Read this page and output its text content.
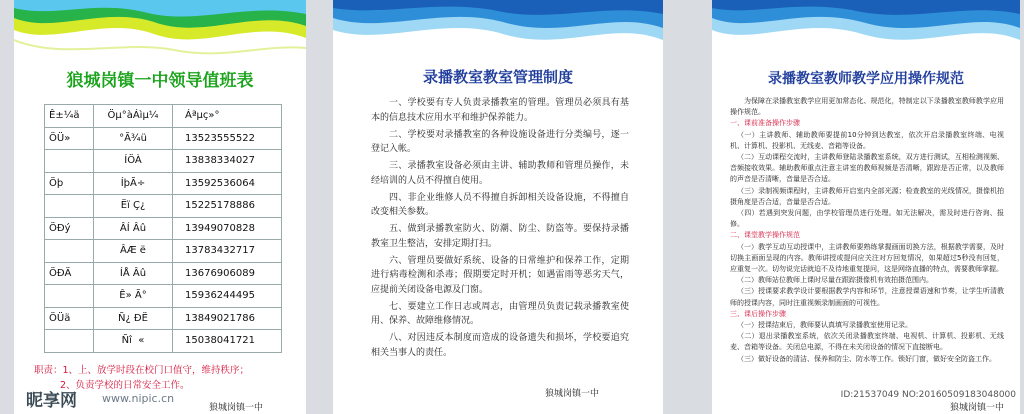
狼城岗镇一中领导值班表
Ê±¼ä	Öµ°àÁìµ¼	Áªµç»°
ÖÜ»	°Ã¾ü	13523555522
	ÍÖÀ	13838334027
Öþ	ÍþÃ÷	13592536064
	Ëï Ç¿	15225178886
ÖÐý	ÂÍ Âû	13949070828
	ÂÆ ë	13783432717
ÖÐÄ	ÍÅ Âû	13676906089
	Ê» Ã°	15936244495
ÖÜä	Ñ¿ ÐË	13849021786
	Ñî  «	15038041721
职责：1、上、放学时段在校门口值守，维持秩序；
2、负责学校的日常安全工作。
狼城岗镇一中
录播教室教室管理制度

一、学校要有专人负责录播教室的管理。管理员必须具有基本的信息技术应用水平和维护保养能力。

二、学校要对录播教室的各种设施设备进行分类编号，逐一登记入帐。

三、录播教室设备必须由主讲、辅助教师和管理员操作，未经培训的人员不得擅自使用。

四、非企业维修人员不得擅自拆卸相关设备设施，不得擅自改变相关参数。

五、做到录播教室防火、防潮、防尘、防盗等。要保持录播教室卫生整洁，安排定期打扫。

六、管理员要做好系统、设备的日常维护和保养工作，定期进行病毒检测和杀毒；假期要定时开机；如遇雷雨等恶劣天气，应提前关闭设备电源及门窗。

七、要建立工作日志或周志，由管理员负责记载录播教室使用、保养、故障维修情况。

八、对因违反本制度而造成的设备遗失和损坏，学校要追究相关当事人的责任。

狼城岗镇一中
录播教室教师教学应用操作规范

为保障在录播教室教学应用更加常态化、规范化，特制定以下录播教室教师教学应用操作规范。

一、课前准备操作步骤

（一）主讲教师、辅助教师要提前10分钟到达教室，依次开启录播教室终端、电视机、计算机、投影机、无线麦、音箱等设备。

（二）互动课程交流时，主讲教师登陆录播教室系统，双方进行测试，互相检测视频、音频接收效果。辅助教师重点注意主讲室的教师视频是否清晰，跟踪是否正常，以及教师的声音是否清晰，音量是否合适。

（三）录制视频课程时，主讲教师开启室内全部光源；检查教室的光线情况，摄像机拍摄角度是否合适，音量是否合适。

（四）若遇到突发问题，由学校管理员进行处理。如无法解决，需及时进行咨询、报修。

二、课堂教学操作规范

（一）教学互动互动授课中，主讲教师要熟练掌握画面切换方法，根据教学需要，及时切换主画面呈现的内容。教师讲授或提问应关注对方回复情况，如果超过5秒没有回复，应重复一次。切勿说完话就迫不及待地重复提问，这是网络直播的特点，需要教师掌握。

（二）教师站位教师上课时尽量在跟踪摄像机有效拍摄范围内。

（三）授课要求教学设计要根据教学内容和环节，注意授课语速和节奏，让学生听清教师的授课内容，同时注重视频录制画面的可视性。

三、课后操作步骤

（一）授课结束后，教师要认真填写录播教室使用记录。

（二）退出录播教室系统，依次关闭录播教室终端、电视机、计算机、投影机、无线麦、音箱等设备。关闭总电源，不得在未关闭设备的情况下直接断电。

（三）做好设备的清洁、保养和防尘、防水等工作。锁好门窗，做好安全防盗工作。

狼城岗镇一中
昵享网 www.nipic.cn	ID:21537049 NO:20160509183048000
